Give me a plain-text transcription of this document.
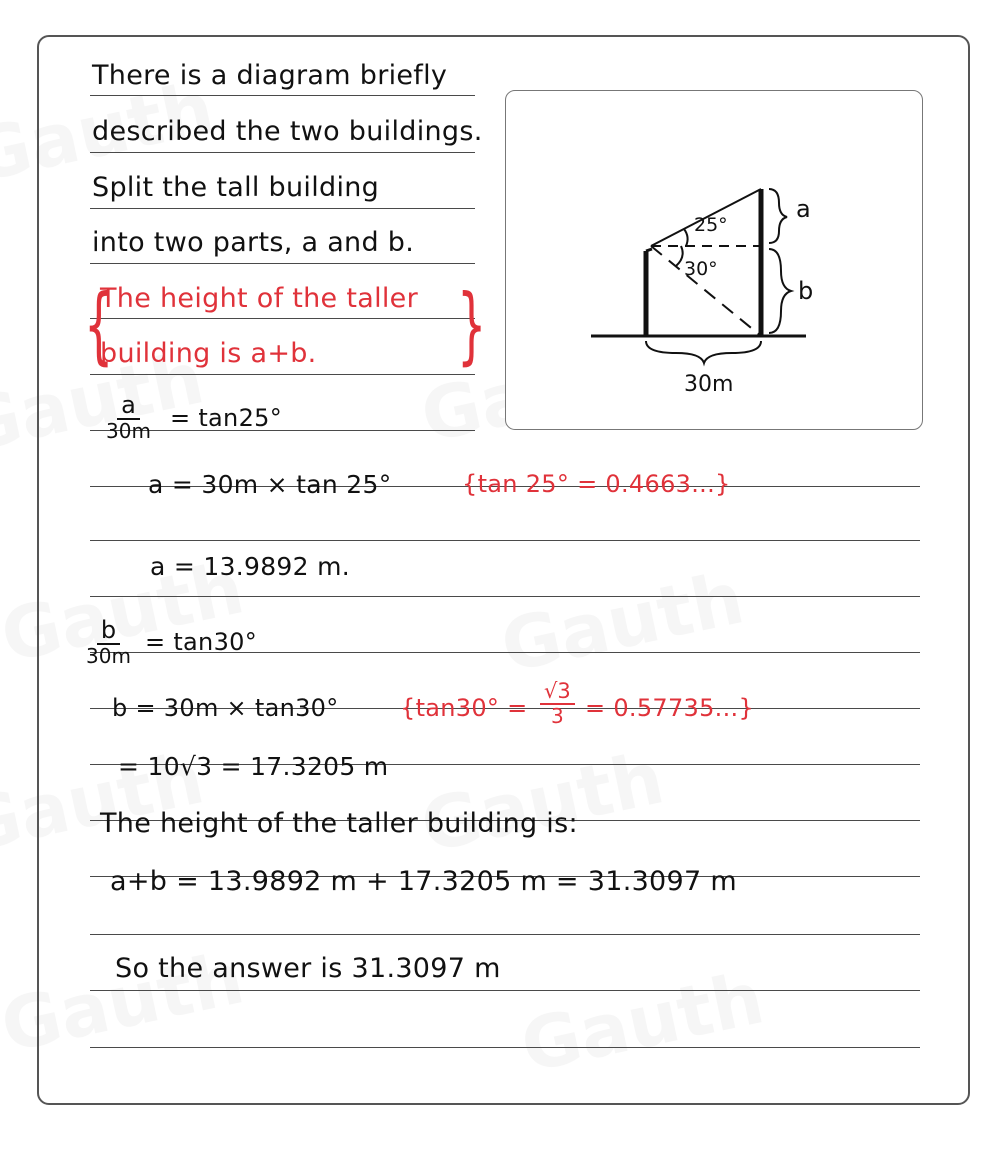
There is a diagram briefly
described the two buildings.
Split the tall building
into two parts, a and b.
{
The height of the taller
building is a+b. }
25°
30°
a
b
30m
a
30m = tan25°
a = 30m × tan 25°	{tan 25° = 0.4663...}
a = 13.9892 m.
b
30m
= tan30°
b = 30m × tan30°	$\{\tan 30^\circ = \frac{√3}{3} = 0.57735...\}$
= 10√3 = 17.3205 m
The height of the taller building is:
a+b = 13.9892 m + 17.3205 m = 31.3097 m
So the answer is 31.3097 m
